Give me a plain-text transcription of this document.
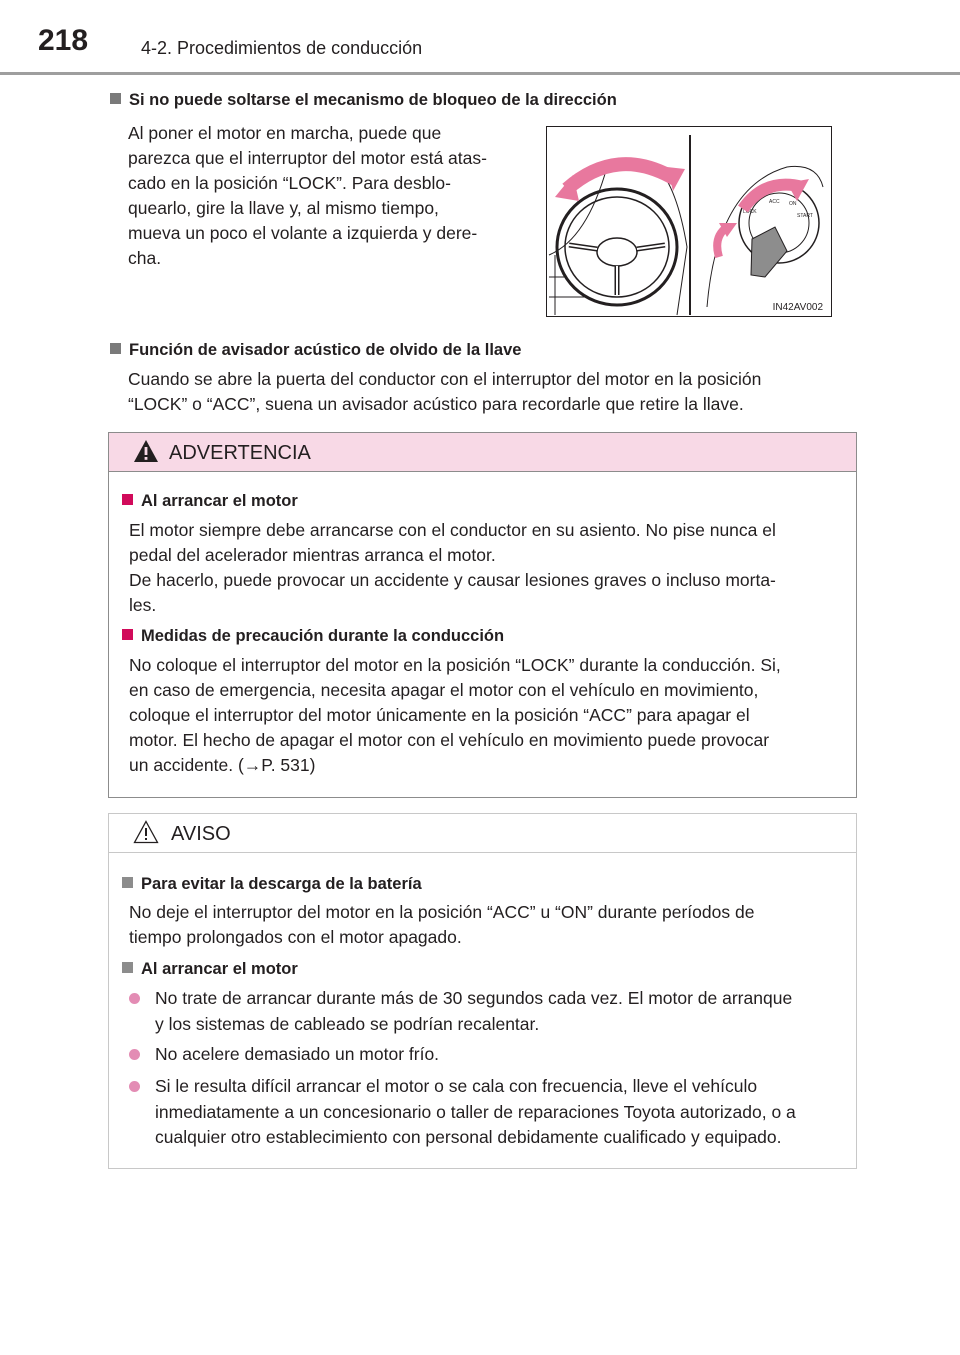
218	4-2. Procedimientos de conducción
Si no puede soltarse el mecanismo de bloqueo de la dirección
Al poner el motor en marcha, puede que
parezca que el interruptor del motor está atas-
cado en la posición “LOCK”. Para desblo-
quearlo, gire la llave y, al mismo tiempo,
mueva un poco el volante a izquierda y dere-
cha.
LOCK
ACC ON
START
IN42AV002
Función de avisador acústico de olvido de la llave
Cuando se abre la puerta del conductor con el interruptor del motor en la posición
“LOCK” o “ACC”, suena un avisador acústico para recordarle que retire la llave.
ADVERTENCIA
Al arrancar el motor
El motor siempre debe arrancarse con el conductor en su asiento. No pise nunca el
pedal del acelerador mientras arranca el motor.
De hacerlo, puede provocar un accidente y causar lesiones graves o incluso morta-
les.
Medidas de precaución durante la conducción
No coloque el interruptor del motor en la posición “LOCK” durante la conducción. Si,
en caso de emergencia, necesita apagar el motor con el vehículo en movimiento,
coloque el interruptor del motor únicamente en la posición “ACC” para apagar el
motor. El hecho de apagar el motor con el vehículo en movimiento puede provocar
un accidente. (→P. 531)
AVISO
Para evitar la descarga de la batería
No deje el interruptor del motor en la posición “ACC” u “ON” durante períodos de
tiempo prolongados con el motor apagado.
Al arrancar el motor
No trate de arrancar durante más de 30 segundos cada vez. El motor de arranque
y los sistemas de cableado se podrían recalentar.
No acelere demasiado un motor frío.
Si le resulta difícil arrancar el motor o se cala con frecuencia, lleve el vehículo
inmediatamente a un concesionario o taller de reparaciones Toyota autorizado, o a
cualquier otro establecimiento con personal debidamente cualificado y equipado.
